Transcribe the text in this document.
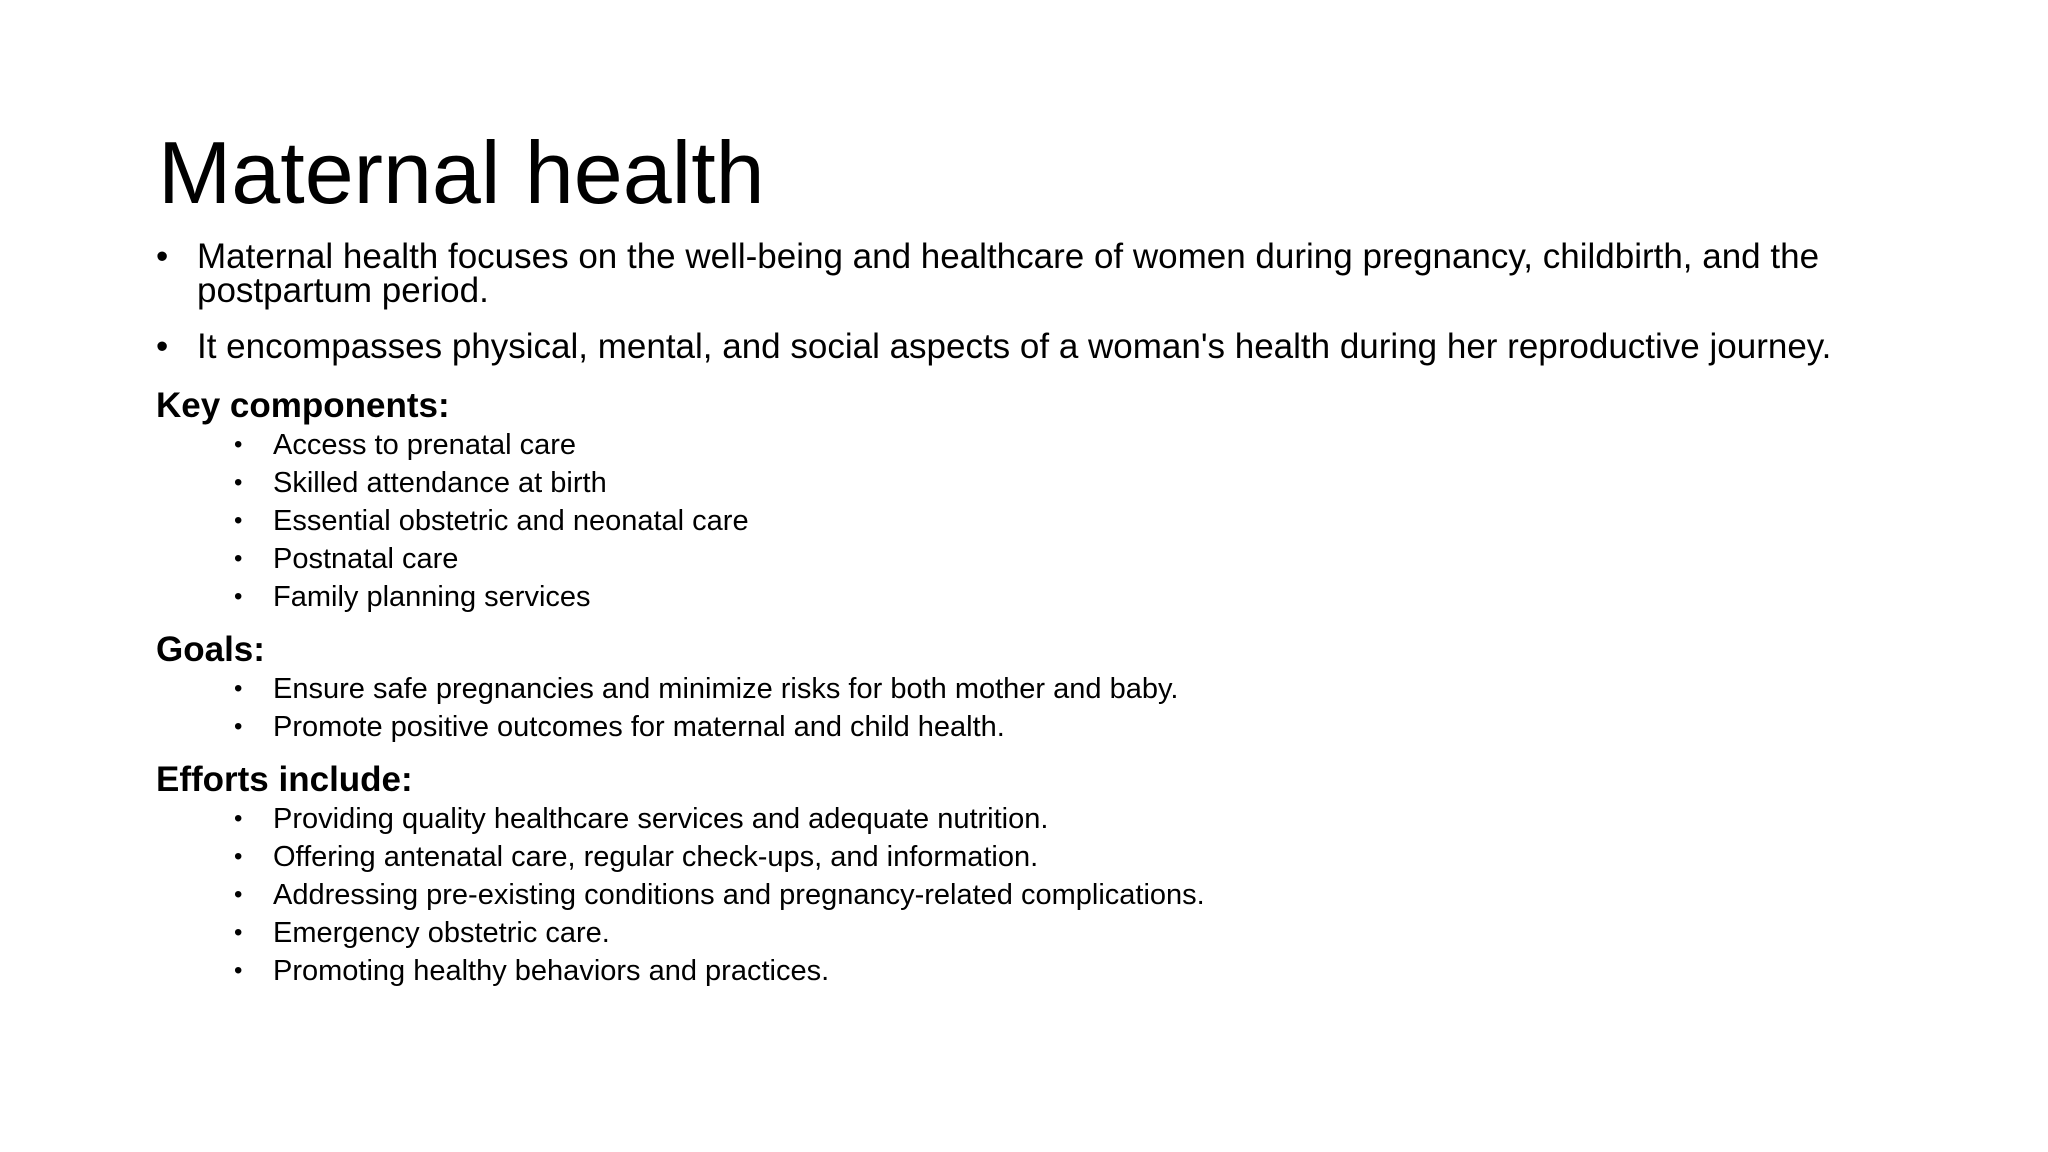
Maternal health
• Maternal health focuses on the well-being and healthcare of women during pregnancy, childbirth, and the postpartum period.
• It encompasses physical, mental, and social aspects of a woman's health during her reproductive journey.
Key components:
• Access to prenatal care
• Skilled attendance at birth
• Essential obstetric and neonatal care
• Postnatal care
• Family planning services
Goals:
• Ensure safe pregnancies and minimize risks for both mother and baby.
• Promote positive outcomes for maternal and child health.
Efforts include:
• Providing quality healthcare services and adequate nutrition.
• Offering antenatal care, regular check-ups, and information.
• Addressing pre-existing conditions and pregnancy-related complications.
• Emergency obstetric care.
• Promoting healthy behaviors and practices.
